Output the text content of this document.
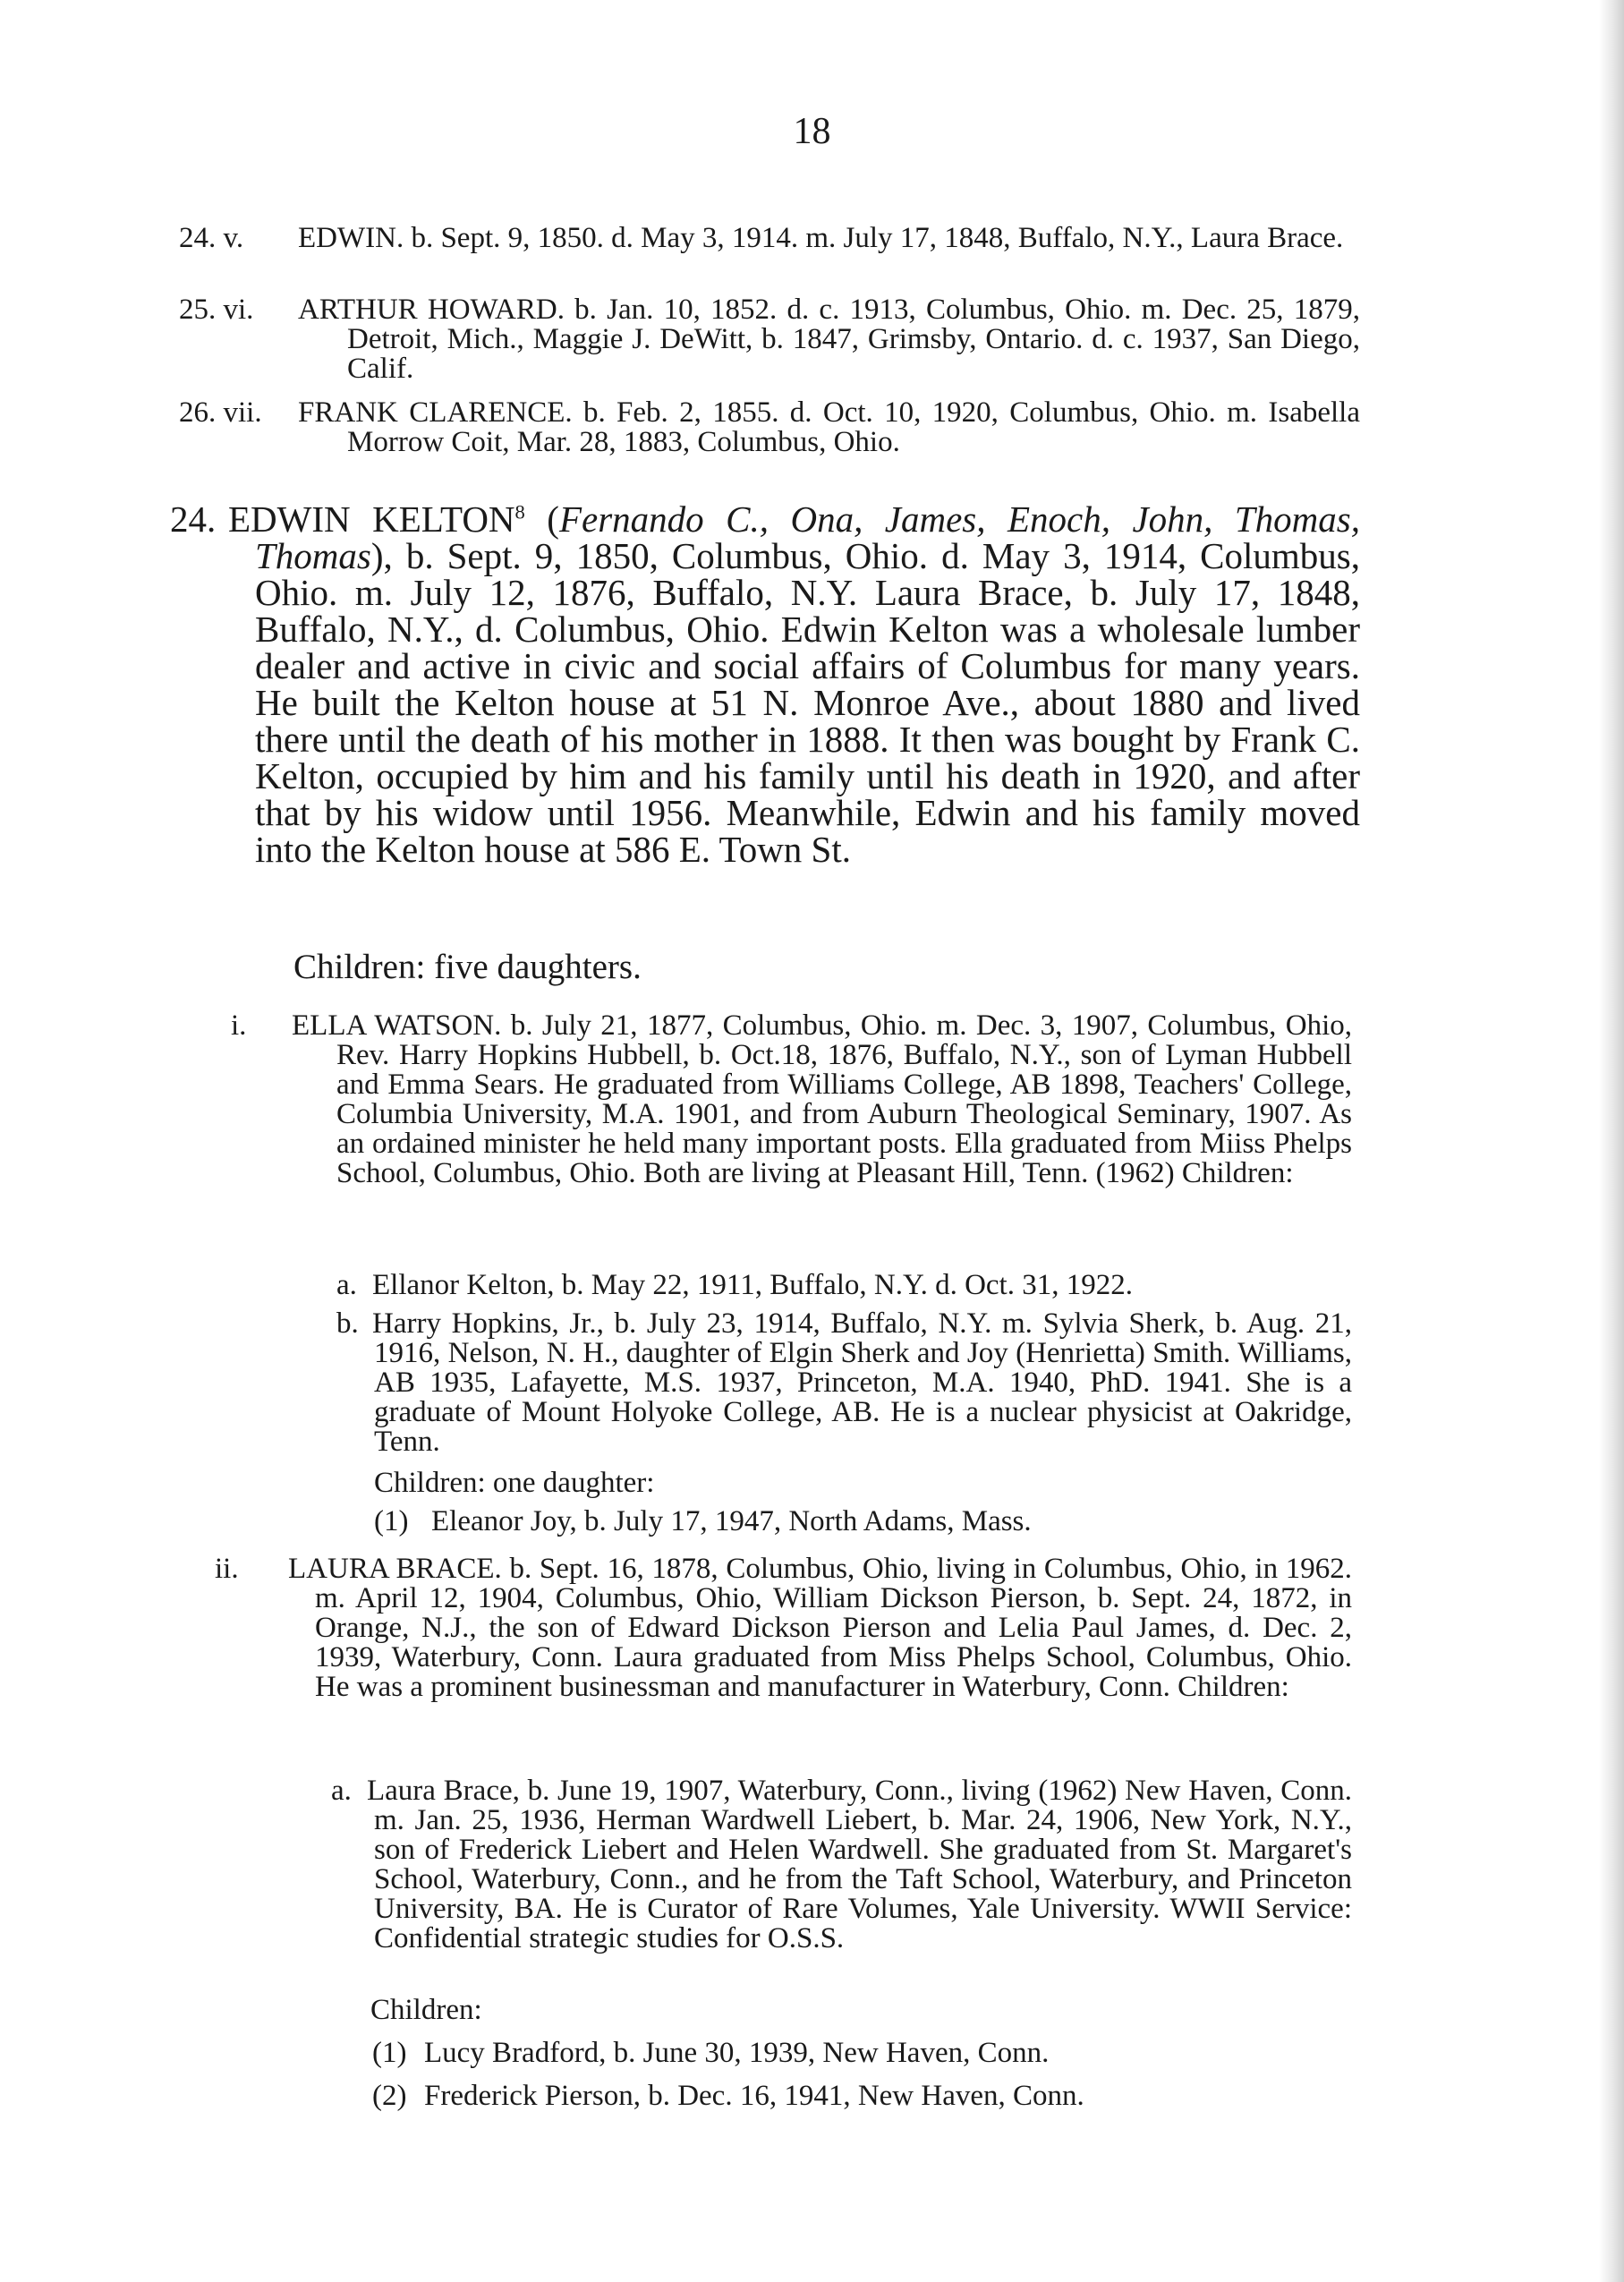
18
24. v.	EDWIN. b. Sept. 9, 1850. d. May 3, 1914. m. July 17, 1848, Buffalo, N.Y., Laura Brace.
25. vi.	ARTHUR HOWARD. b. Jan. 10, 1852. d. c. 1913, Columbus, Ohio. m. Dec. 25, 1879, Detroit, Mich., Maggie J. DeWitt, b. 1847, Grimsby, Ontario. d. c. 1937, San Diego, Calif.
26. vii.	FRANK CLARENCE. b. Feb. 2, 1855. d. Oct. 10, 1920, Columbus, Ohio. m. Isabella Morrow Coit, Mar. 28, 1883, Columbus, Ohio.
24. EDWIN KELTON$^8$ (Fernando C., Ona, James, Enoch, John, Thomas, Thomas), b. Sept. 9, 1850, Columbus, Ohio. d. May 3, 1914, Columbus, Ohio. m. July 12, 1876, Buffalo, N.Y. Laura Brace, b. July 17, 1848, Buffalo, N.Y., d. Columbus, Ohio. Edwin Kelton was a wholesale lumber dealer and active in civic and social affairs of Columbus for many years. He built the Kelton house at 51 N. Monroe Ave., about 1880 and lived there until the death of his mother in 1888. It then was bought by Frank C. Kelton, occupied by him and his family until his death in 1920, and after that by his widow until 1956. Meanwhile, Edwin and his family moved into the Kelton house at 586 E. Town St.
Children: five daughters.
i.	ELLA WATSON. b. July 21, 1877, Columbus, Ohio. m. Dec. 3, 1907, Columbus, Ohio, Rev. Harry Hopkins Hubbell, b. Oct.18, 1876, Buffalo, N.Y., son of Lyman Hubbell and Emma Sears. He graduated from Williams College, AB 1898, Teachers' College, Columbia University, M.A. 1901, and from Auburn Theological Seminary, 1907. As an ordained minister he held many important posts. Ella graduated from Miiss Phelps School, Columbus, Ohio. Both are living at Pleasant Hill, Tenn. (1962) Children:
a. Ellanor Kelton, b. May 22, 1911, Buffalo, N.Y. d. Oct. 31, 1922.
b. Harry Hopkins, Jr., b. July 23, 1914, Buffalo, N.Y. m. Sylvia Sherk, b. Aug. 21, 1916, Nelson, N. H., daughter of Elgin Sherk and Joy (Henrietta) Smith. Williams, AB 1935, Lafayette, M.S. 1937, Princeton, M.A. 1940, PhD. 1941. She is a graduate of Mount Holyoke College, AB. He is a nuclear physicist at Oakridge, Tenn.
Children: one daughter:
(1) Eleanor Joy, b. July 17, 1947, North Adams, Mass.
ii.	LAURA BRACE. b. Sept. 16, 1878, Columbus, Ohio, living in Columbus, Ohio, in 1962. m. April 12, 1904, Columbus, Ohio, William Dickson Pierson, b. Sept. 24, 1872, in Orange, N.J., the son of Edward Dickson Pierson and Lelia Paul James, d. Dec. 2, 1939, Waterbury, Conn. Laura graduated from Miss Phelps School, Columbus, Ohio. He was a prominent businessman and manufacturer in Waterbury, Conn. Children:
a. Laura Brace, b. June 19, 1907, Waterbury, Conn., living (1962) New Haven, Conn. m. Jan. 25, 1936, Herman Wardwell Liebert, b. Mar. 24, 1906, New York, N.Y., son of Frederick Liebert and Helen Wardwell. She graduated from St. Margaret's School, Waterbury, Conn., and he from the Taft School, Waterbury, and Princeton University, BA. He is Curator of Rare Volumes, Yale University. WWII Service: Confidential strategic studies for O.S.S.
Children:
(1) Lucy Bradford, b. June 30, 1939, New Haven, Conn.
(2) Frederick Pierson, b. Dec. 16, 1941, New Haven, Conn.
